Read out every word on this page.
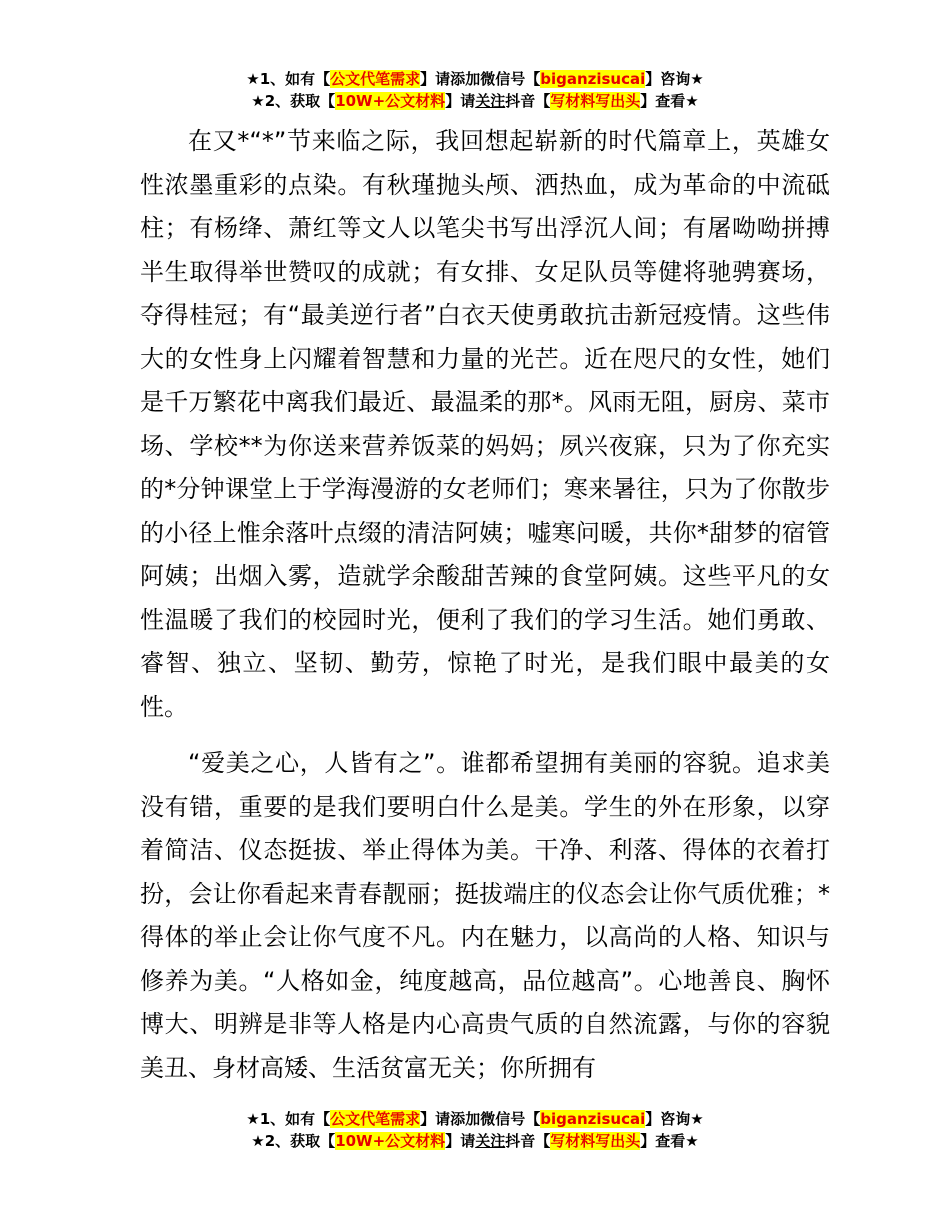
★1、如有【公文代笔需求】请添加微信号【biganzisucai】咨询★
★2、获取【10W+公文材料】请关注抖音【写材料写出头】查看★

在又*“*”节来临之际，我回想起崭新的时代篇章上，英雄女性浓墨重彩的点染。有秋瑾抛头颅、洒热血，成为革命的中流砥柱；有杨绛、萧红等文人以笔尖书写出浮沉人间；有屠呦呦拼搏半生取得举世赞叹的成就；有女排、女足队员等健将驰骋赛场，夺得桂冠；有“最美逆行者”白衣天使勇敢抗击新冠疫情。这些伟大的女性身上闪耀着智慧和力量的光芒。近在咫尺的女性，她们是千万繁花中离我们最近、最温柔的那*。风雨无阻，厨房、菜市场、学校**为你送来营养饭菜的妈妈；夙兴夜寐，只为了你充实的*分钟课堂上于学海漫游的女老师们；寒来暑往，只为了你散步的小径上惟余落叶点缀的清洁阿姨；嘘寒问暖，共你*甜梦的宿管阿姨；出烟入雾，造就学余酸甜苦辣的食堂阿姨。这些平凡的女性温暖了我们的校园时光，便利了我们的学习生活。她们勇敢、睿智、独立、坚韧、勤劳，惊艳了时光，是我们眼中最美的女性。

“爱美之心，人皆有之”。谁都希望拥有美丽的容貌。追求美没有错，重要的是我们要明白什么是美。学生的外在形象，以穿着简洁、仪态挺拔、举止得体为美。干净、利落、得体的衣着打扮，会让你看起来青春靓丽；挺拔端庄的仪态会让你气质优雅；*得体的举止会让你气度不凡。内在魅力，以高尚的人格、知识与修养为美。“人格如金，纯度越高，品位越高”。心地善良、胸怀博大、明辨是非等人格是内心高贵气质的自然流露，与你的容貌美丑、身材高矮、生活贫富无关；你所拥有

★1、如有【公文代笔需求】请添加微信号【biganzisucai】咨询★
★2、获取【10W+公文材料】请关注抖音【写材料写出头】查看★
